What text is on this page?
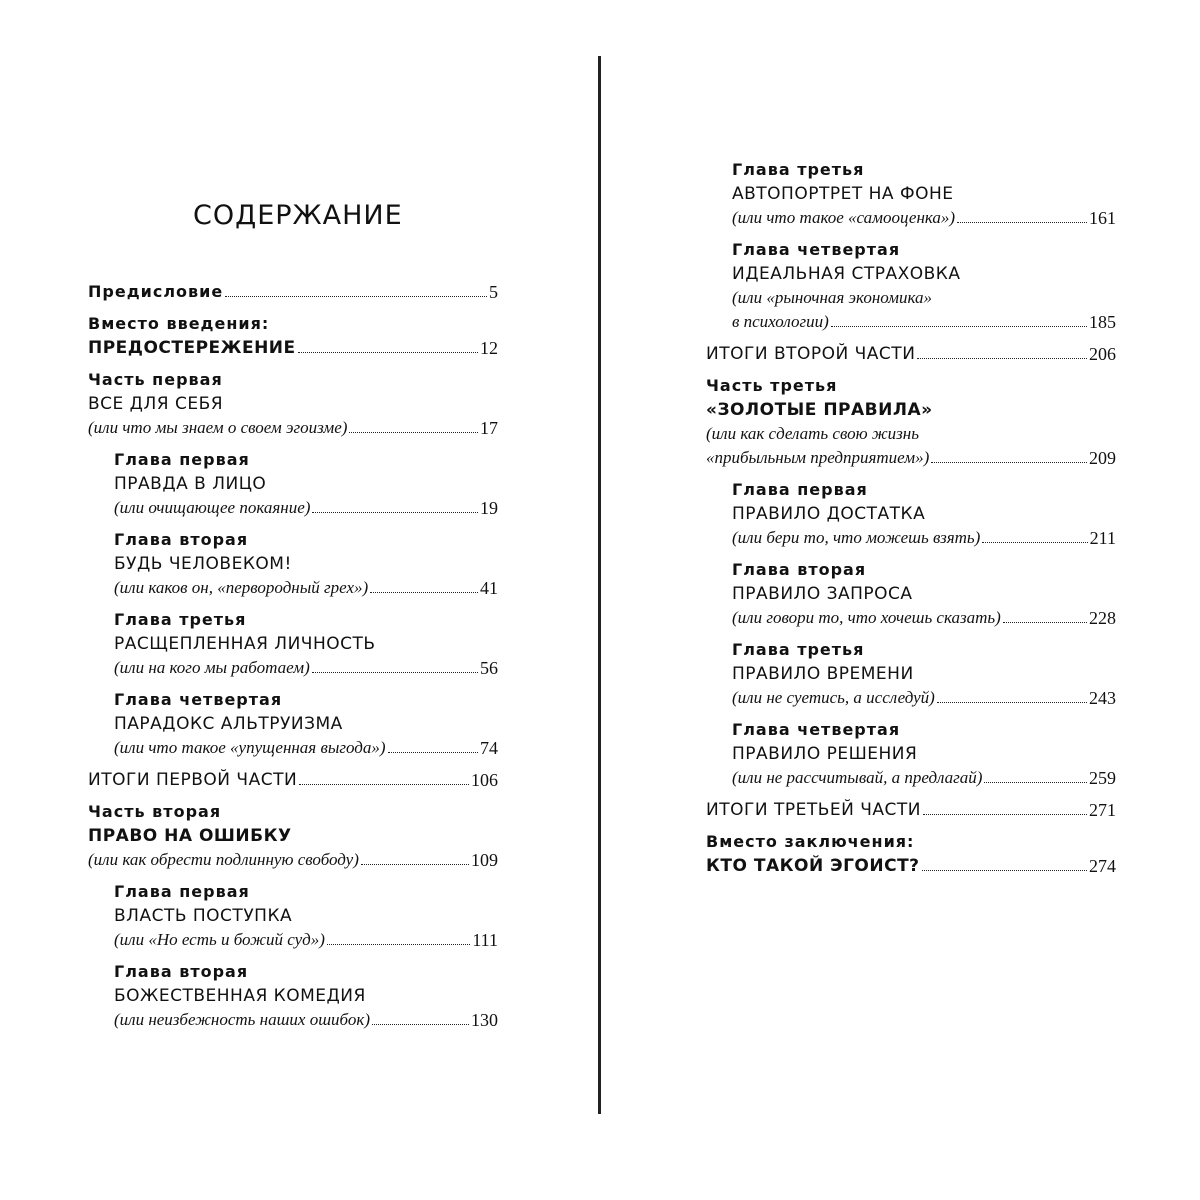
СОДЕРЖАНИЕ
Предисловие	5
Вместо введения:
ПРЕДОСТЕРЕЖЕНИЕ	12
Часть первая
ВСЕ ДЛЯ СЕБЯ
(или что мы знаем о своем эгоизме)	17
Глава первая
ПРАВДА В ЛИЦО
(или очищающее покаяние)	19
Глава вторая
БУДЬ ЧЕЛОВЕКОМ!
(или каков он, «первородный грех»)	41
Глава третья
РАСЩЕПЛЕННАЯ ЛИЧНОСТЬ
(или на кого мы работаем)	56
Глава четвертая
ПАРАДОКС АЛЬТРУИЗМА
(или что такое «упущенная выгода»)	74
ИТОГИ ПЕРВОЙ ЧАСТИ	106
Часть вторая
ПРАВО НА ОШИБКУ
(или как обрести подлинную свободу)	109
Глава первая
ВЛАСТЬ ПОСТУПКА
(или «Но есть и божий суд»)	111
Глава вторая
БОЖЕСТВЕННАЯ КОМЕДИЯ
(или неизбежность наших ошибок)	130
Глава третья
АВТОПОРТРЕТ НА ФОНЕ
(или что такое «самооценка»)	161
Глава четвертая
ИДЕАЛЬНАЯ СТРАХОВКА
(или «рыночная экономика»
в психологии)	185
ИТОГИ ВТОРОЙ ЧАСТИ	206
Часть третья
«ЗОЛОТЫЕ ПРАВИЛА»
(или как сделать свою жизнь
«прибыльным предприятием»)	209
Глава первая
ПРАВИЛО ДОСТАТКА
(или бери то, что можешь взять)	211
Глава вторая
ПРАВИЛО ЗАПРОСА
(или говори то, что хочешь сказать)	228
Глава третья
ПРАВИЛО ВРЕМЕНИ
(или не суетись, а исследуй)	243
Глава четвертая
ПРАВИЛО РЕШЕНИЯ
(или не рассчитывай, а предлагай)	259
ИТОГИ ТРЕТЬЕЙ ЧАСТИ	271
Вместо заключения:
КТО ТАКОЙ ЭГОИСТ?	274
